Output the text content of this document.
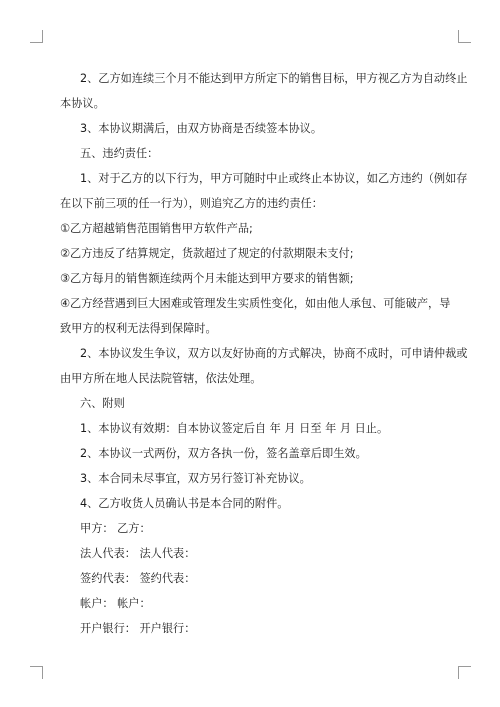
2、乙方如连续三个月不能达到甲方所定下的销售目标，甲方视乙方为自动终止
本协议。
3、本协议期满后，由双方协商是否续签本协议。
五、违约责任：
1、对于乙方的以下行为，甲方可随时中止或终止本协议，如乙方违约（例如存
在以下前三项的任一行为），则追究乙方的违约责任：
①乙方超越销售范围销售甲方软件产品;
②乙方违反了结算规定，货款超过了规定的付款期限未支付;
③乙方每月的销售额连续两个月未能达到甲方要求的销售额;
④乙方经营遇到巨大困难或管理发生实质性变化，如由他人承包、可能破产，导
致甲方的权利无法得到保障时。
2、本协议发生争议，双方以友好协商的方式解决，协商不成时，可申请仲裁或
由甲方所在地人民法院管辖，依法处理。
六、附则
1、本协议有效期：自本协议签定后自 年 月 日至 年 月 日止。
2、本协议一式两份，双方各执一份，签名盖章后即生效。
3、本合同未尽事宜，双方另行签订补充协议。
4、乙方收货人员确认书是本合同的附件。
甲方： 乙方：
法人代表： 法人代表：
签约代表： 签约代表：
帐户： 帐户：
开户银行： 开户银行：
